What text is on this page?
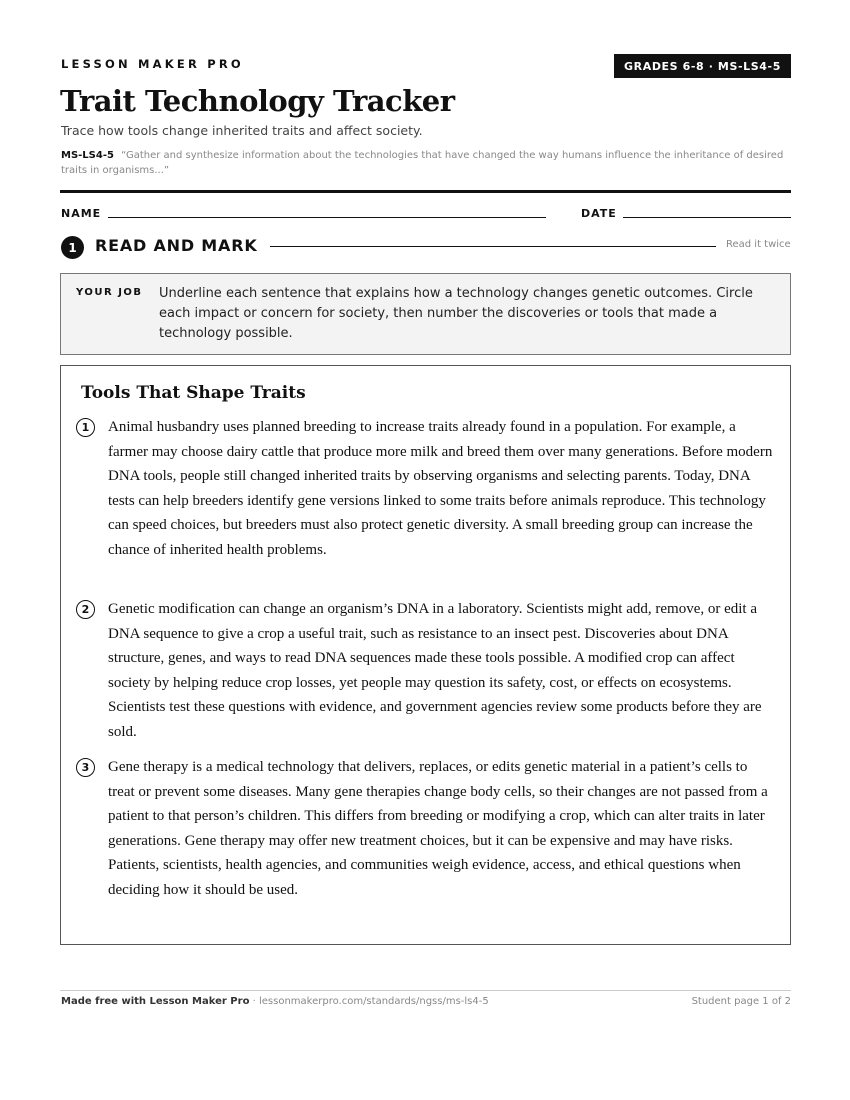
LESSON MAKER PRO	GRADES 6-8 · MS-LS4-5
Trait Technology Tracker
Trace how tools change inherited traits and affect society.
MS-LS4-5 “Gather and synthesize information about the technologies that have changed the way humans influence the inheritance of desired traits in organisms...”
NAME	DATE
1	READ AND MARK	Read it twice
YOUR JOB Underline each sentence that explains how a technology changes genetic outcomes. Circle each impact or concern for society, then number the discoveries or tools that made a technology possible.
Tools That Shape Traits
1	Animal husbandry uses planned breeding to increase traits already found in a population. For example, a farmer may choose dairy cattle that produce more milk and breed them over many generations. Before modern DNA tools, people still changed inherited traits by observing organisms and selecting parents. Today, DNA tests can help breeders identify gene versions linked to some traits before animals reproduce. This technology can speed choices, but breeders must also protect genetic diversity. A small breeding group can increase the chance of inherited health problems.

2	Genetic modification can change an organism’s DNA in a laboratory. Scientists might add, remove, or edit a DNA sequence to give a crop a useful trait, such as resistance to an insect pest. Discoveries about DNA structure, genes, and ways to read DNA sequences made these tools possible. A modified crop can affect society by helping reduce crop losses, yet people may question its safety, cost, or effects on ecosystems. Scientists test these questions with evidence, and government agencies review some products before they are sold.

3	Gene therapy is a medical technology that delivers, replaces, or edits genetic material in a patient’s cells to treat or prevent some diseases. Many gene therapies change body cells, so their changes are not passed from a patient to that person’s children. This differs from breeding or modifying a crop, which can alter traits in later generations. Gene therapy may offer new treatment choices, but it can be expensive and may have risks. Patients, scientists, health agencies, and communities weigh evidence, access, and ethical questions when deciding how it should be used.

Made free with Lesson Maker Pro · lessonmakerpro.com/standards/ngss/ms-ls4-5	Student page 1 of 2
